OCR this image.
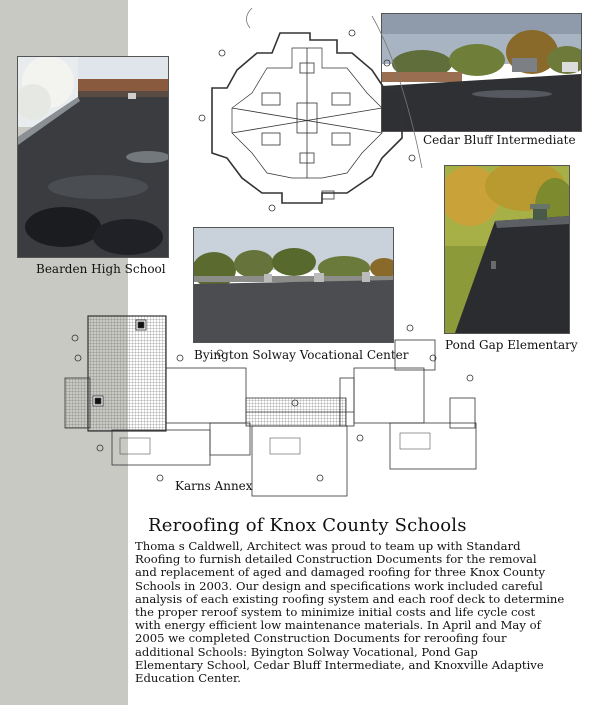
Bearden High School
Cedar Bluff Intermediate
Byington Solway Vocational Center
Pond Gap Elementary
Karns Annex
Reroofing of Knox County Schools
Thoma s Caldwell, Architect was proud to team up with Standard
Roofing to furnish detailed Construction Documents for the removal
and replacement of aged and damaged roofing for three Knox County
Schools in 2003. Our design and specifications work included careful
analysis of each existing roofing system and each roof deck to determine
the proper reroof system to minimize initial costs and life cycle cost
with energy efficient low maintenance materials. In April and May of
2005 we completed Construction Documents for reroofing four
additional Schools: Byington Solway Vocational, Pond Gap
Elementary School, Cedar Bluff Intermediate, and Knoxville Adaptive
Education Center.
